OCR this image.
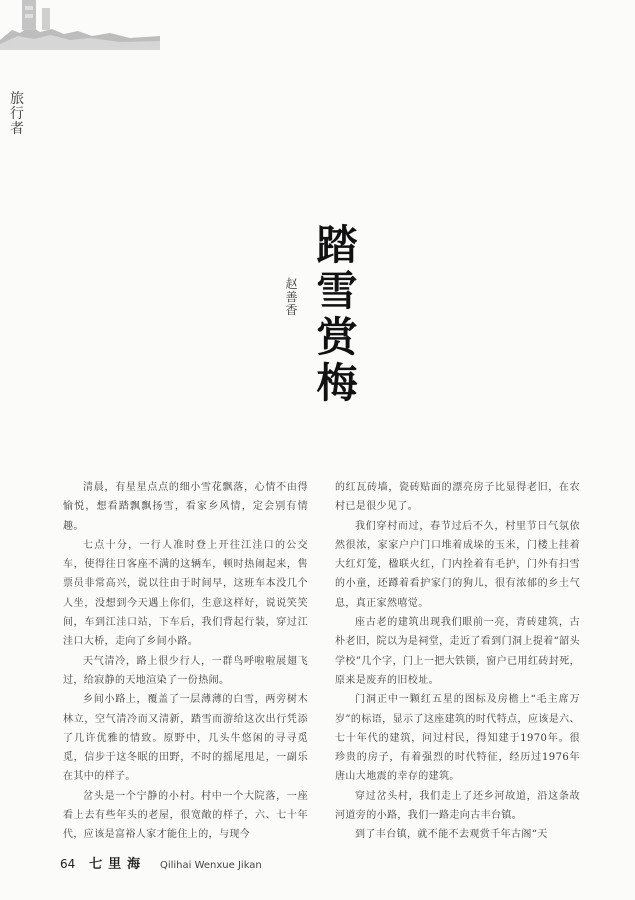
旅行者
踏雪赏梅
赵善香

清晨，有星星点点的细小雪花飘落，心情不由得愉悦，想看踏飘飘扬雪，看家乡风情，定会别有情趣。

七点十分，一行人准时登上开往江洼口的公交车，使得往日客座不满的这辆车，顿时热闹起来，售票员非常高兴，说以往由于时间早，这班车本没几个人坐，没想到今天遇上你们，生意这样好，说说笑笑间，车到江洼口站，下车后，我们背起行装，穿过江洼口大桥，走向了乡间小路。

天气清冷，路上很少行人，一群鸟呼啦啦展翅飞过，给寂静的天地渲染了一份热闹。

乡间小路上，覆盖了一层薄薄的白雪，两旁树木林立，空气清冷而又清新，踏雪而游给这次出行凭添了几许优雅的情致。原野中，几头牛悠闲的寻寻觅觅，信步于这冬眠的田野，不时的摇尾甩足，一副乐在其中的样子。

岔头是一个宁静的小村。村中一个大院落，一座看上去有些年头的老屋，很宽敞的样子，六、七十年代，应该是富裕人家才能住上的，与现今

的红瓦砖墙，瓷砖贴面的漂亮房子比显得老旧，在农村已是很少见了。

我们穿村而过，春节过后不久，村里节日气氛依然很浓，家家户户门口堆着成垛的玉米，门楼上挂着大红灯笼，楹联火红，门内拴着有毛护，门外有扫雪的小童，还蹲着看护家门的狗儿，很有浓郁的乡土气息，真正家然嘻觉。

座古老的建筑出现我们眼前一亮，青砖建筑，古朴老旧，院以为是祠堂，走近了看到门洞上提着“韶头学校”几个字，门上一把大铁锁，窗户已用红砖封死，原来是废弃的旧校址。

门洞正中一颗红五星的图标及房檐上“毛主席万岁”的标语，显示了这座建筑的时代特点，应该是六、七十年代的建筑，问过村民，得知建于1970年。很珍贵的房子，有着强烈的时代特征，经历过1976年唐山大地震的幸存的建筑。

穿过岔头村，我们走上了还乡河故道，沿这条故河道旁的小路，我们一路走向古丰台镇。

到了丰台镇，就不能不去观赏千年古阁“天

64 七里海 Qilihai Wenxue Jikan
